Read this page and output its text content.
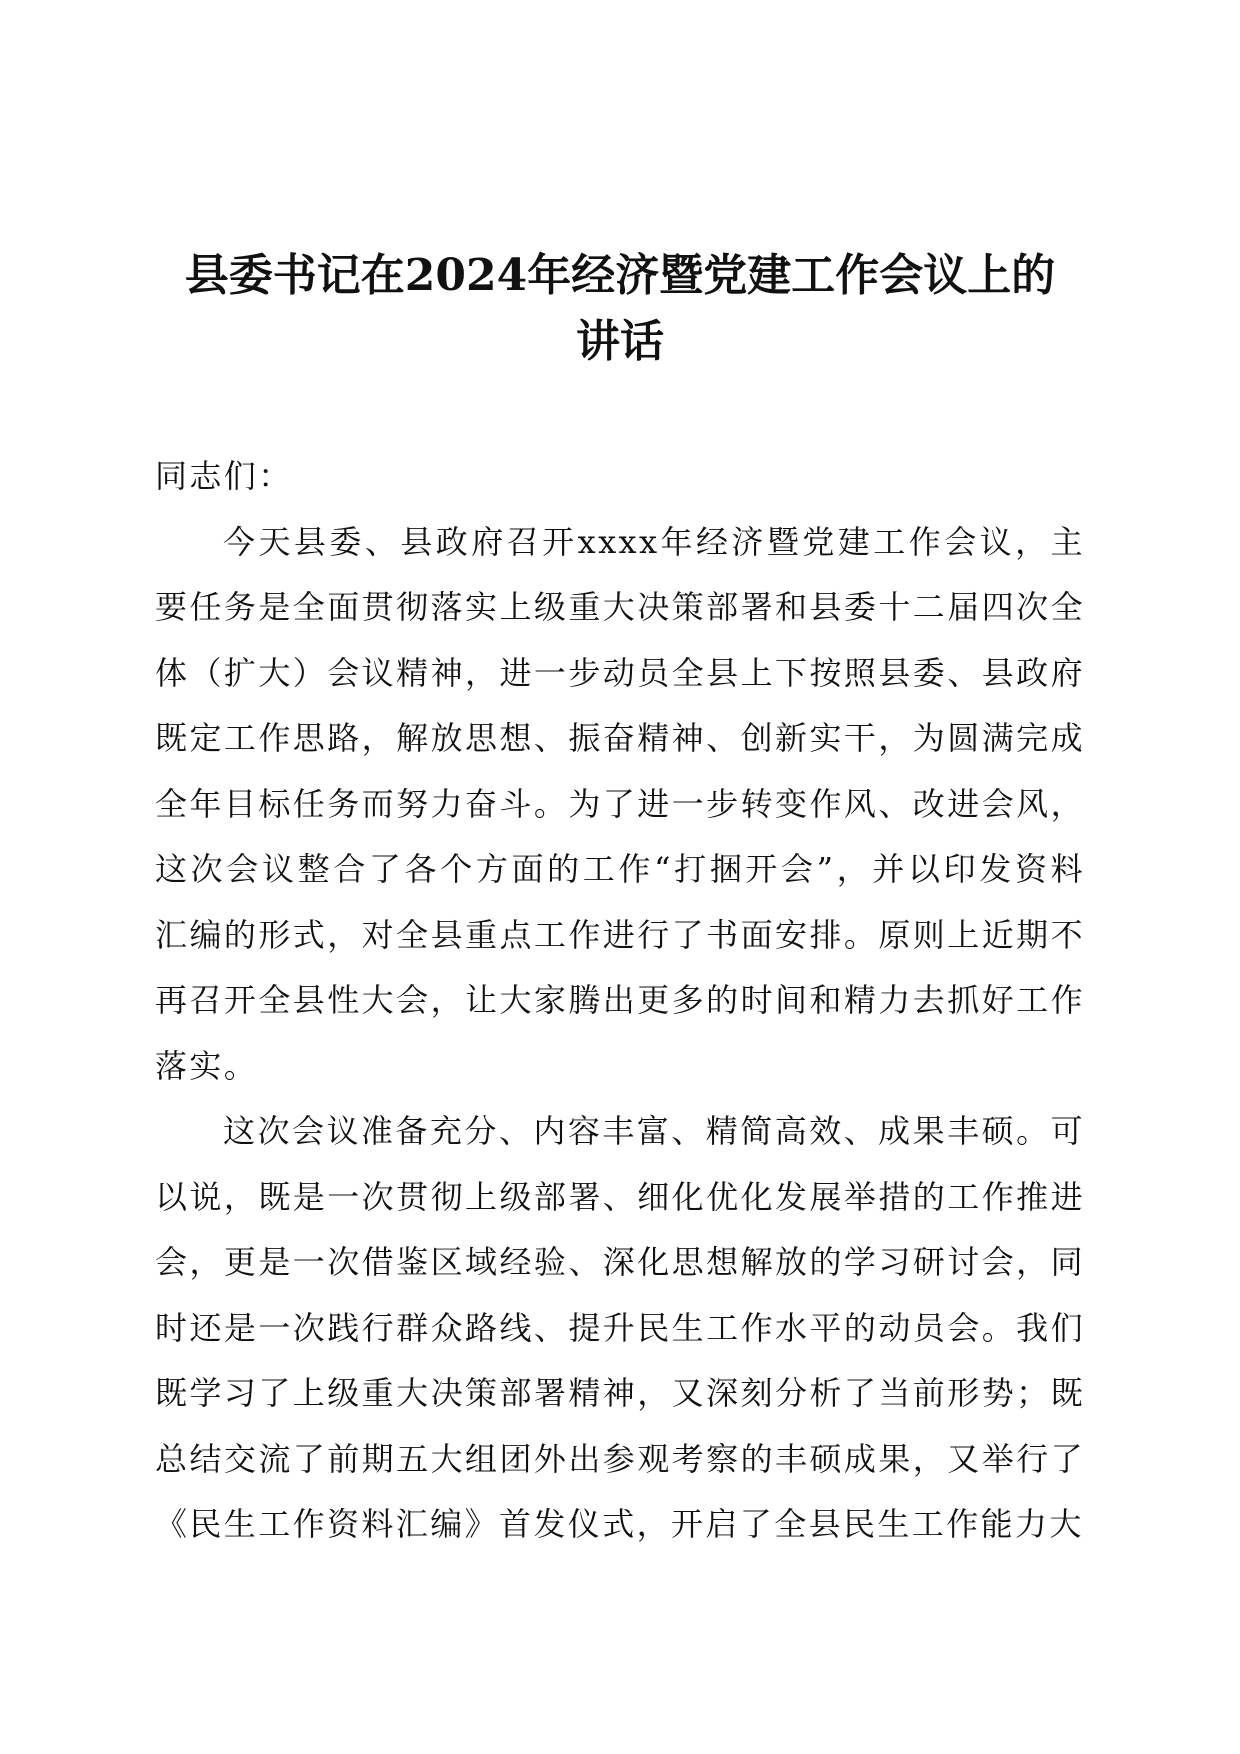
县委书记在2024年经济暨党建工作会议上的
讲话

同志们：

今天县委、县政府召开xxxx年经济暨党建工作会议，主要任务是全面贯彻落实上级重大决策部署和县委十二届四次全体（扩大）会议精神，进一步动员全县上下按照县委、县政府既定工作思路，解放思想、振奋精神、创新实干，为圆满完成全年目标任务而努力奋斗。为了进一步转变作风、改进会风，这次会议整合了各个方面的工作“打捆开会”，并以印发资料汇编的形式，对全县重点工作进行了书面安排。原则上近期不再召开全县性大会，让大家腾出更多的时间和精力去抓好工作落实。

这次会议准备充分、内容丰富、精简高效、成果丰硕。可以说，既是一次贯彻上级部署、细化优化发展举措的工作推进会，更是一次借鉴区域经验、深化思想解放的学习研讨会，同时还是一次践行群众路线、提升民生工作水平的动员会。我们既学习了上级重大决策部署精神，又深刻分析了当前形势；既总结交流了前期五大组团外出参观考察的丰硕成果，又举行了《民生工作资料汇编》首发仪式，开启了全县民生工作能力大
